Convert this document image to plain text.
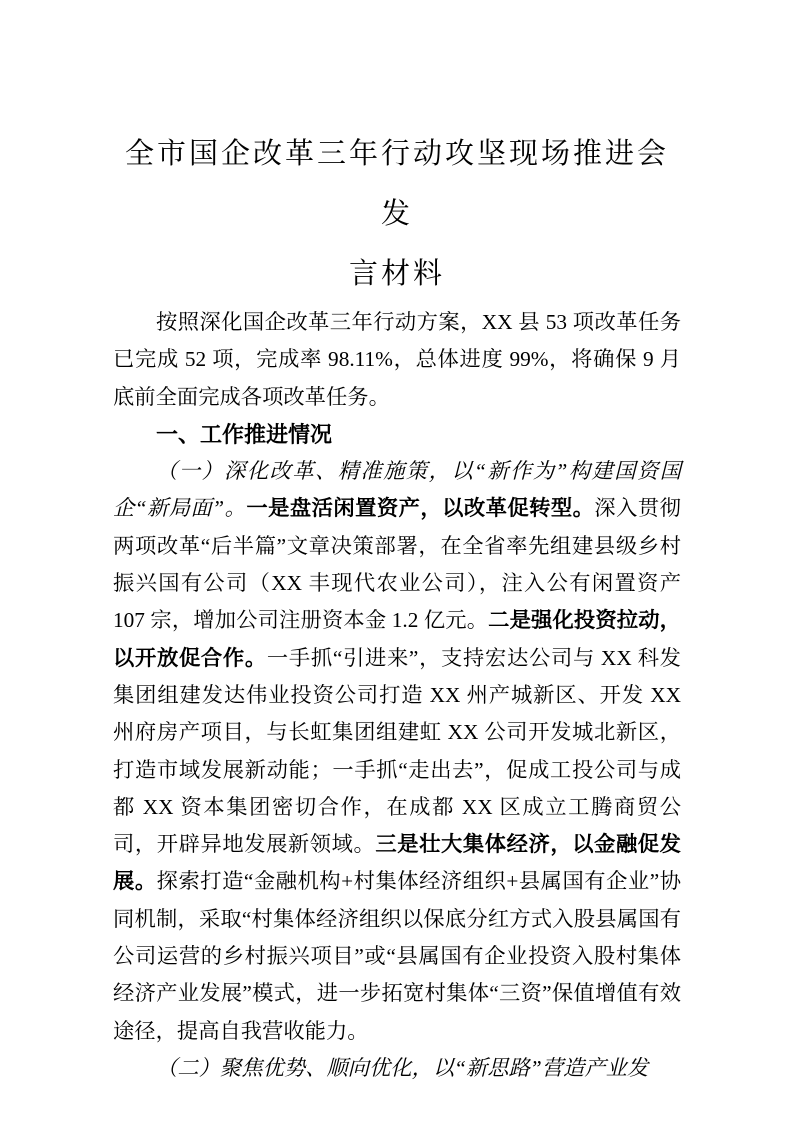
全市国企改革三年行动攻坚现场推进会发
言材料

按照深化国企改革三年行动方案，XX 县 53 项改革任务已完成 52 项，完成率 98.11%，总体进度 99%，将确保 9 月底前全面完成各项改革任务。

一、工作推进情况

（一）深化改革、精准施策，以“新作为”构建国资国企“新局面”。一是盘活闲置资产，以改革促转型。深入贯彻两项改革“后半篇”文章决策部署，在全省率先组建县级乡村振兴国有公司（XX 丰现代农业公司），注入公有闲置资产 107 宗，增加公司注册资本金 1.2 亿元。二是强化投资拉动，以开放促合作。一手抓“引进来”，支持宏达公司与 XX 科发集团组建发达伟业投资公司打造 XX 州产城新区、开发 XX 州府房产项目，与长虹集团组建虹 XX 公司开发城北新区，打造市域发展新动能；一手抓“走出去”，促成工投公司与成都 XX 资本集团密切合作，在成都 XX 区成立工腾商贸公司，开辟异地发展新领域。三是壮大集体经济，以金融促发展。探索打造“金融机构+村集体经济组织+县属国有企业”协同机制，采取“村集体经济组织以保底分红方式入股县属国有公司运营的乡村振兴项目”或“县属国有企业投资入股村集体经济产业发展”模式，进一步拓宽村集体“三资”保值增值有效途径，提高自我营收能力。

（二）聚焦优势、顺向优化，以“新思路”营造产业发
